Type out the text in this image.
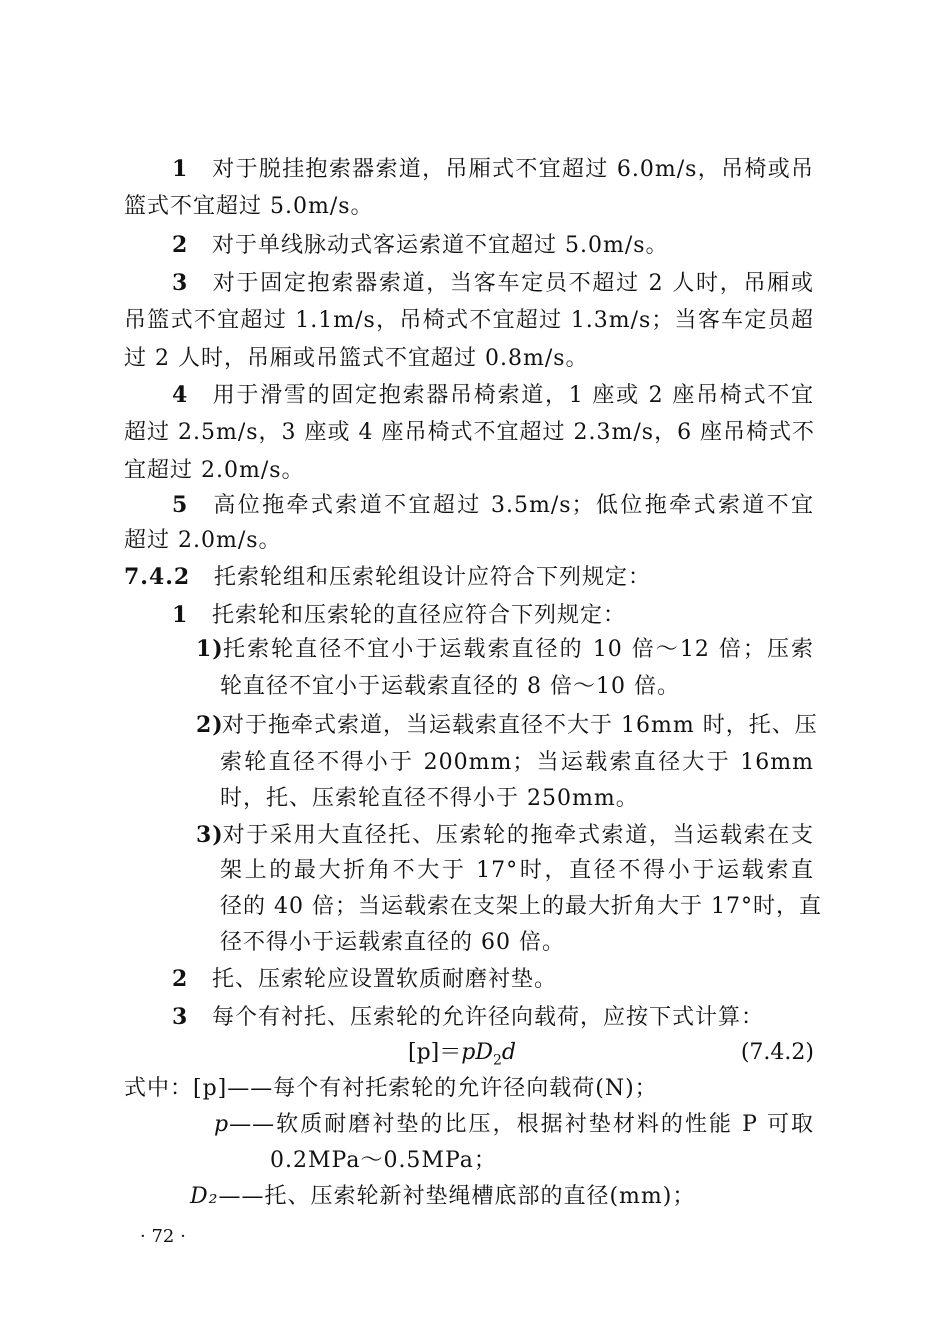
1 对于脱挂抱索器索道，吊厢式不宜超过 6.0m/s，吊椅或吊
篮式不宜超过 5.0m/s。
2 对于单线脉动式客运索道不宜超过 5.0m/s。
3 对于固定抱索器索道，当客车定员不超过 2 人时，吊厢或
吊篮式不宜超过 1.1m/s，吊椅式不宜超过 1.3m/s；当客车定员超
过 2 人时，吊厢或吊篮式不宜超过 0.8m/s。
4 用于滑雪的固定抱索器吊椅索道，1 座或 2 座吊椅式不宜
超过 2.5m/s，3 座或 4 座吊椅式不宜超过 2.3m/s，6 座吊椅式不
宜超过 2.0m/s。
5 高位拖牵式索道不宜超过 3.5m/s；低位拖牵式索道不宜
超过 2.0m/s。
7.4.2 托索轮组和压索轮组设计应符合下列规定：
1 托索轮和压索轮的直径应符合下列规定：
1)托索轮直径不宜小于运载索直径的 10 倍～12 倍；压索
轮直径不宜小于运载索直径的 8 倍～10 倍。
2)对于拖牵式索道，当运载索直径不大于 16mm 时，托、压
索轮直径不得小于 200mm；当运载索直径大于 16mm
时，托、压索轮直径不得小于 250mm。
3)对于采用大直径托、压索轮的拖牵式索道，当运载索在支
架上的最大折角不大于 17°时，直径不得小于运载索直
径的 40 倍；当运载索在支架上的最大折角大于 17°时，直
径不得小于运载索直径的 60 倍。
2 托、压索轮应设置软质耐磨衬垫。
3 每个有衬托、压索轮的允许径向载荷，应按下式计算：
$[p]=pD_2d$	(7.4.2)
式中：[p]——每个有衬托索轮的允许径向载荷(N)；
p——软质耐磨衬垫的比压，根据衬垫材料的性能 P 可取
0.2MPa～0.5MPa；
D₂——托、压索轮新衬垫绳槽底部的直径(mm)；
· 72 ·
